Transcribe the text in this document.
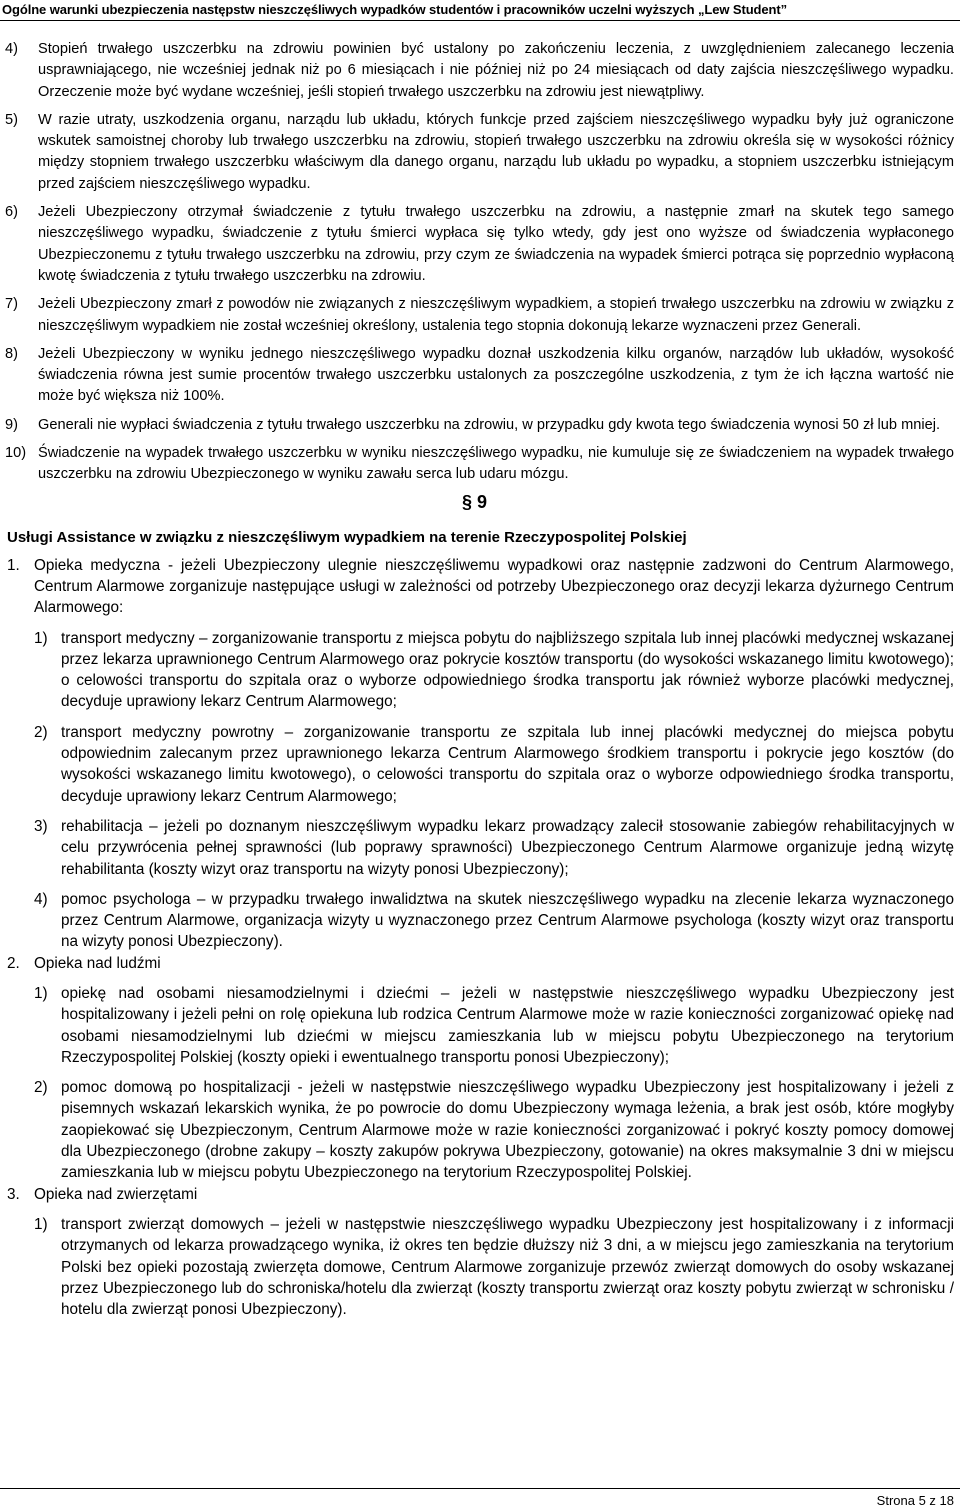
Ogólne warunki ubezpieczenia następstw nieszczęśliwych wypadków studentów i pracowników uczelni wyższych „Lew Student”
4) Stopień trwałego uszczerbku na zdrowiu powinien być ustalony po zakończeniu leczenia, z uwzględnieniem zalecanego leczenia usprawniającego, nie wcześniej jednak niż po 6 miesiącach i nie później niż po 24 miesiącach od daty zajścia nieszczęśliwego wypadku. Orzeczenie może być wydane wcześniej, jeśli stopień trwałego uszczerbku na zdrowiu jest niewątpliwy.
5) W razie utraty, uszkodzenia organu, narządu lub układu, których funkcje przed zajściem nieszczęśliwego wypadku były już ograniczone wskutek samoistnej choroby lub trwałego uszczerbku na zdrowiu, stopień trwałego uszczerbku na zdrowiu określa się w wysokości różnicy między stopniem trwałego uszczerbku właściwym dla danego organu, narządu lub układu po wypadku, a stopniem uszczerbku istniejącym przed zajściem nieszczęśliwego wypadku.
6) Jeżeli Ubezpieczony otrzymał świadczenie z tytułu trwałego uszczerbku na zdrowiu, a następnie zmarł na skutek tego samego nieszczęśliwego wypadku, świadczenie z tytułu śmierci wypłaca się tylko wtedy, gdy jest ono wyższe od świadczenia wypłaconego Ubezpieczonemu z tytułu trwałego uszczerbku na zdrowiu, przy czym ze świadczenia na wypadek śmierci potrąca się poprzednio wypłaconą kwotę świadczenia z tytułu trwałego uszczerbku na zdrowiu.
7) Jeżeli Ubezpieczony zmarł z powodów nie związanych z nieszczęśliwym wypadkiem, a stopień trwałego uszczerbku na zdrowiu w związku z nieszczęśliwym wypadkiem nie został wcześniej określony, ustalenia tego stopnia dokonują lekarze wyznaczeni przez Generali.
8) Jeżeli Ubezpieczony w wyniku jednego nieszczęśliwego wypadku doznał uszkodzenia kilku organów, narządów lub układów, wysokość świadczenia równa jest sumie procentów trwałego uszczerbku ustalonych za poszczególne uszkodzenia, z tym że ich łączna wartość nie może być większa niż 100%.
9) Generali nie wypłaci świadczenia z tytułu trwałego uszczerbku na zdrowiu, w przypadku gdy kwota tego świadczenia wynosi 50 zł lub mniej.
10) Świadczenie na wypadek trwałego uszczerbku w wyniku nieszczęśliwego wypadku, nie kumuluje się ze świadczeniem na wypadek trwałego uszczerbku na zdrowiu Ubezpieczonego w wyniku zawału serca lub udaru mózgu.
§ 9
Usługi Assistance w związku z nieszczęśliwym wypadkiem na terenie Rzeczypospolitej Polskiej
1. Opieka medyczna - jeżeli Ubezpieczony ulegnie nieszczęśliwemu wypadkowi oraz następnie zadzwoni do Centrum Alarmowego, Centrum Alarmowe zorganizuje następujące usługi w zależności od potrzeby Ubezpieczonego oraz decyzji lekarza dyżurnego Centrum Alarmowego:
1) transport medyczny – zorganizowanie transportu z miejsca pobytu do najbliższego szpitala lub innej placówki medycznej wskazanej przez lekarza uprawnionego Centrum Alarmowego oraz pokrycie kosztów transportu (do wysokości wskazanego limitu kwotowego); o celowości transportu do szpitala oraz o wyborze odpowiedniego środka transportu jak również wyborze placówki medycznej, decyduje uprawiony lekarz Centrum Alarmowego;
2) transport medyczny powrotny – zorganizowanie transportu ze szpitala lub innej placówki medycznej do miejsca pobytu odpowiednim zalecanym przez uprawnionego lekarza Centrum Alarmowego środkiem transportu i pokrycie jego kosztów (do wysokości wskazanego limitu kwotowego), o celowości transportu do szpitala oraz o wyborze odpowiedniego środka transportu, decyduje uprawiony lekarz Centrum Alarmowego;
3) rehabilitacja – jeżeli po doznanym nieszczęśliwym wypadku lekarz prowadzący zalecił stosowanie zabiegów rehabilitacyjnych w celu przywrócenia pełnej sprawności (lub poprawy sprawności) Ubezpieczonego Centrum Alarmowe organizuje jedną wizytę rehabilitanta (koszty wizyt oraz transportu na wizyty ponosi Ubezpieczony);
4) pomoc psychologa – w przypadku trwałego inwalidztwa na skutek nieszczęśliwego wypadku na zlecenie lekarza wyznaczonego przez Centrum Alarmowe, organizacja wizyty u wyznaczonego przez Centrum Alarmowe psychologa (koszty wizyt oraz transportu na wizyty ponosi Ubezpieczony).
2. Opieka nad ludźmi
1) opiekę nad osobami niesamodzielnymi i dziećmi – jeżeli w następstwie nieszczęśliwego wypadku Ubezpieczony jest hospitalizowany i jeżeli pełni on rolę opiekuna lub rodzica Centrum Alarmowe może w razie konieczności zorganizować opiekę nad osobami niesamodzielnymi lub dziećmi w miejscu zamieszkania lub w miejscu pobytu Ubezpieczonego na terytorium Rzeczypospolitej Polskiej (koszty opieki i ewentualnego transportu ponosi Ubezpieczony);
2) pomoc domową po hospitalizacji - jeżeli w następstwie nieszczęśliwego wypadku Ubezpieczony jest hospitalizowany i jeżeli z pisemnych wskazań lekarskich wynika, że po powrocie do domu Ubezpieczony wymaga leżenia, a brak jest osób, które mogłyby zaopiekować się Ubezpieczonym, Centrum Alarmowe może w razie konieczności zorganizować i pokryć koszty pomocy domowej dla Ubezpieczonego (drobne zakupy – koszty zakupów pokrywa Ubezpieczony, gotowanie) na okres maksymalnie 3 dni w miejscu zamieszkania lub w miejscu pobytu Ubezpieczonego na terytorium Rzeczypospolitej Polskiej.
3. Opieka nad zwierzętami
1) transport zwierząt domowych – jeżeli w następstwie nieszczęśliwego wypadku Ubezpieczony jest hospitalizowany i z informacji otrzymanych od lekarza prowadzącego wynika, iż okres ten będzie dłuższy niż 3 dni, a w miejscu jego zamieszkania na terytorium Polski bez opieki pozostają zwierzęta domowe, Centrum Alarmowe zorganizuje przewóz zwierząt domowych do osoby wskazanej przez Ubezpieczonego lub do schroniska/hotelu dla zwierząt (koszty transportu zwierząt oraz koszty pobytu zwierząt w schronisku / hotelu dla zwierząt ponosi Ubezpieczony).
Strona 5 z 18
